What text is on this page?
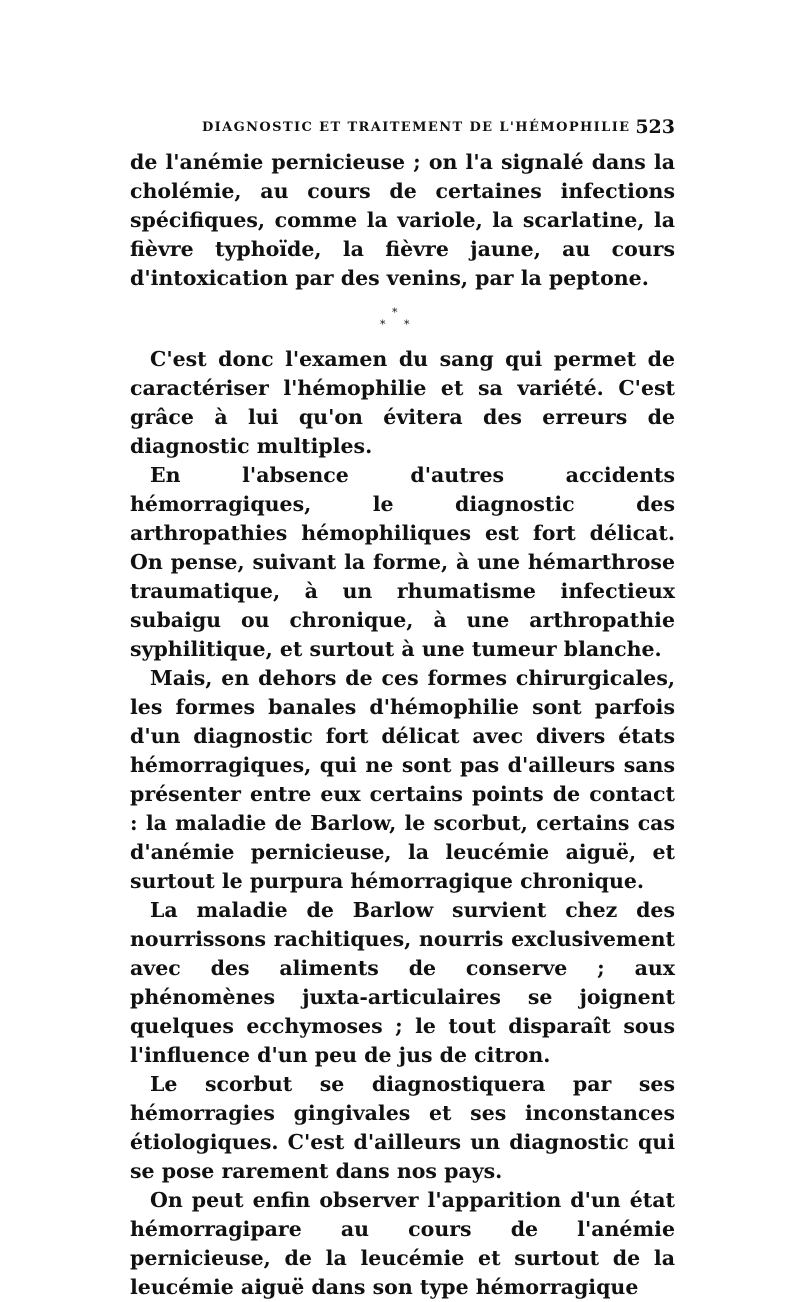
DIAGNOSTIC ET TRAITEMENT DE L'HÉMOPHILIE 523

de l'anémie pernicieuse ; on l'a signalé dans la cholémie, au cours de certaines infections spécifiques, comme la variole, la scarlatine, la fièvre typhoïde, la fièvre jaune, au cours d'intoxication par des venins, par la peptone.

*
* *

C'est donc l'examen du sang qui permet de caractériser l'hémophilie et sa variété. C'est grâce à lui qu'on évitera des erreurs de diagnostic multiples.

En l'absence d'autres accidents hémorragiques, le diagnostic des arthropathies hémophiliques est fort délicat. On pense, suivant la forme, à une hémarthrose traumatique, à un rhumatisme infectieux subaigu ou chronique, à une arthropathie syphilitique, et surtout à une tumeur blanche.

Mais, en dehors de ces formes chirurgicales, les formes banales d'hémophilie sont parfois d'un diagnostic fort délicat avec divers états hémorragiques, qui ne sont pas d'ailleurs sans présenter entre eux certains points de contact : la maladie de Barlow, le scorbut, certains cas d'anémie pernicieuse, la leucémie aiguë, et surtout le purpura hémorragique chronique.

La maladie de Barlow survient chez des nourrissons rachitiques, nourris exclusivement avec des aliments de conserve ; aux phénomènes juxta-articulaires se joignent quelques ecchymoses ; le tout disparaît sous l'influence d'un peu de jus de citron.

Le scorbut se diagnostiquera par ses hémorragies gingivales et ses inconstances étiologiques. C'est d'ailleurs un diagnostic qui se pose rarement dans nos pays.

On peut enfin observer l'apparition d'un état hémorragipare au cours de l'anémie pernicieuse, de la leucémie et surtout de la leucémie aiguë dans son type hémorragique
